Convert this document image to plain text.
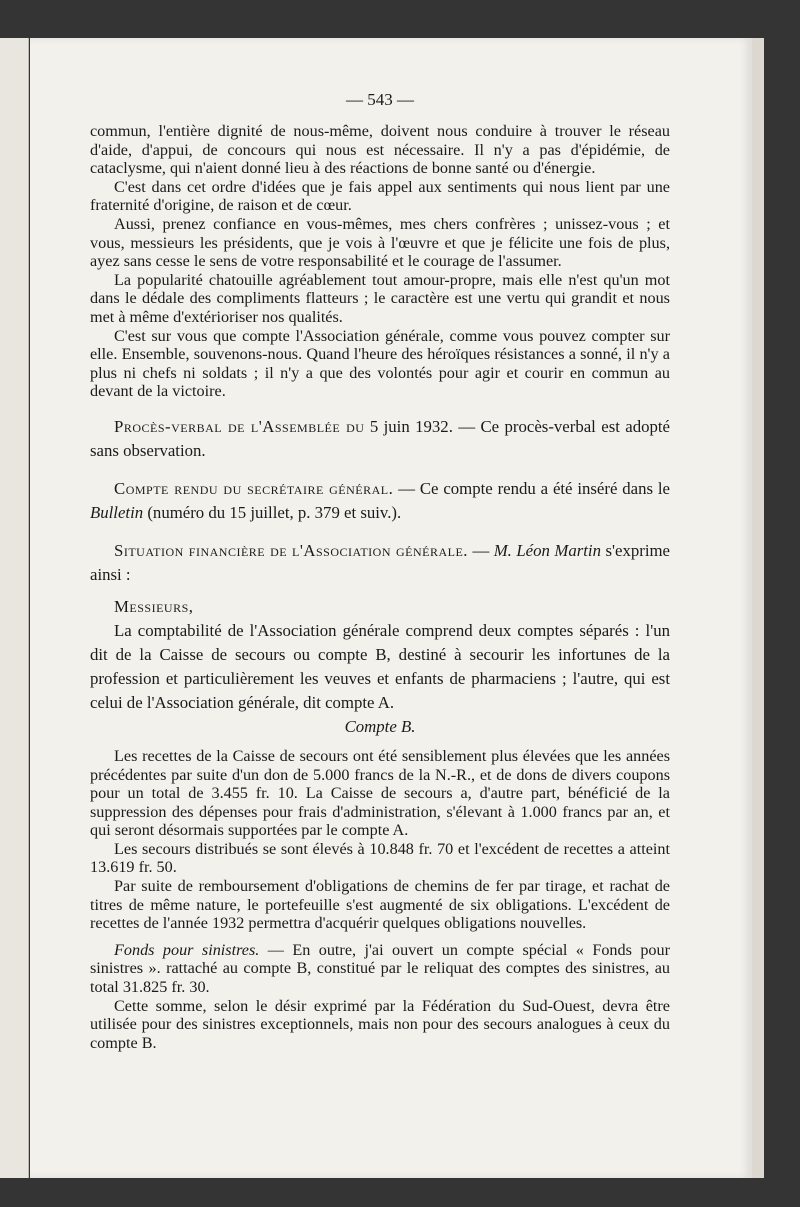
— 543 —

commun, l'entière dignité de nous-même, doivent nous conduire à trouver le réseau d'aide, d'appui, de concours qui nous est nécessaire. Il n'y a pas d'épidémie, de cataclysme, qui n'aient donné lieu à des réactions de bonne santé ou d'énergie.

C'est dans cet ordre d'idées que je fais appel aux sentiments qui nous lient par une fraternité d'origine, de raison et de cœur.

Aussi, prenez confiance en vous-mêmes, mes chers confrères ; unissez-vous ; et vous, messieurs les présidents, que je vois à l'œuvre et que je félicite une fois de plus, ayez sans cesse le sens de votre responsabilité et le courage de l'assumer.

La popularité chatouille agréablement tout amour-propre, mais elle n'est qu'un mot dans le dédale des compliments flatteurs ; le caractère est une vertu qui grandit et nous met à même d'extérioriser nos qualités.

C'est sur vous que compte l'Association générale, comme vous pouvez compter sur elle. Ensemble, souvenons-nous. Quand l'heure des héroïques résistances a sonné, il n'y a plus ni chefs ni soldats ; il n'y a que des volontés pour agir et courir en commun au devant de la victoire.

Procès-verbal de l'Assemblée du 5 juin 1932. — Ce procès-verbal est adopté sans observation.

Compte rendu du secrétaire général. — Ce compte rendu a été inséré dans le Bulletin (numéro du 15 juillet, p. 379 et suiv.).

Situation financière de l'Association générale. — M. Léon Martin s'exprime ainsi :

Messieurs,

La comptabilité de l'Association générale comprend deux comptes séparés : l'un dit de la Caisse de secours ou compte B, destiné à secourir les infortunes de la profession et particulièrement les veuves et enfants de pharmaciens ; l'autre, qui est celui de l'Association générale, dit compte A.

Compte B.

Les recettes de la Caisse de secours ont été sensiblement plus élevées que les années précédentes par suite d'un don de 5.000 francs de la N.-R., et de dons de divers coupons pour un total de 3.455 fr. 10. La Caisse de secours a, d'autre part, bénéficié de la suppression des dépenses pour frais d'administration, s'élevant à 1.000 francs par an, et qui seront désormais supportées par le compte A.

Les secours distribués se sont élevés à 10.848 fr. 70 et l'excédent de recettes a atteint 13.619 fr. 50.

Par suite de remboursement d'obligations de chemins de fer par tirage, et rachat de titres de même nature, le portefeuille s'est augmenté de six obligations. L'excédent de recettes de l'année 1932 permettra d'acquérir quelques obligations nouvelles.

Fonds pour sinistres. — En outre, j'ai ouvert un compte spécial « Fonds pour sinistres ». rattaché au compte B, constitué par le reliquat des comptes des sinistres, au total 31.825 fr. 30.

Cette somme, selon le désir exprimé par la Fédération du Sud-Ouest, devra être utilisée pour des sinistres exceptionnels, mais non pour des secours analogues à ceux du compte B.
